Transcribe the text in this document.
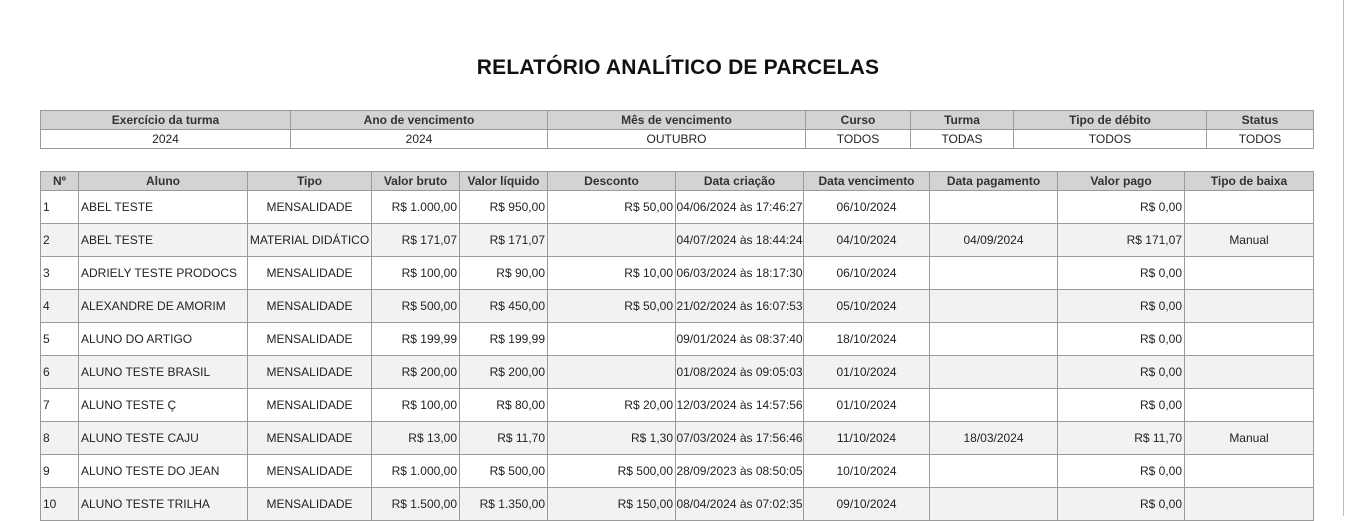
RELATÓRIO ANALÍTICO DE PARCELAS
Exercício da turma	Ano de vencimento	Mês de vencimento	Curso	Turma	Tipo de débito	Status
2024	2024	OUTUBRO	TODOS	TODAS	TODOS	TODOS
Nº	Aluno	Tipo	Valor bruto	Valor líquido	Desconto	Data criação	Data vencimento	Data pagamento	Valor pago	Tipo de baixa
1	ABEL TESTE	MENSALIDADE	R$ 1.000,00	R$ 950,00	R$ 50,00	04/06/2024 às 17:46:27	06/10/2024		R$ 0,00	
2	ABEL TESTE	MATERIAL DIDÁTICO	R$ 171,07	R$ 171,07		04/07/2024 às 18:44:24	04/10/2024	04/09/2024	R$ 171,07	Manual
3	ADRIELY TESTE PRODOCS	MENSALIDADE	R$ 100,00	R$ 90,00	R$ 10,00	06/03/2024 às 18:17:30	06/10/2024		R$ 0,00	
4	ALEXANDRE DE AMORIM	MENSALIDADE	R$ 500,00	R$ 450,00	R$ 50,00	21/02/2024 às 16:07:53	05/10/2024		R$ 0,00	
5	ALUNO DO ARTIGO	MENSALIDADE	R$ 199,99	R$ 199,99		09/01/2024 às 08:37:40	18/10/2024		R$ 0,00	
6	ALUNO TESTE BRASIL	MENSALIDADE	R$ 200,00	R$ 200,00		01/08/2024 às 09:05:03	01/10/2024		R$ 0,00	
7	ALUNO TESTE Ç	MENSALIDADE	R$ 100,00	R$ 80,00	R$ 20,00	12/03/2024 às 14:57:56	01/10/2024		R$ 0,00	
8	ALUNO TESTE CAJU	MENSALIDADE	R$ 13,00	R$ 11,70	R$ 1,30	07/03/2024 às 17:56:46	11/10/2024	18/03/2024	R$ 11,70	Manual
9	ALUNO TESTE DO JEAN	MENSALIDADE	R$ 1.000,00	R$ 500,00	R$ 500,00	28/09/2023 às 08:50:05	10/10/2024		R$ 0,00	
10	ALUNO TESTE TRILHA	MENSALIDADE	R$ 1.500,00	R$ 1.350,00	R$ 150,00	08/04/2024 às 07:02:35	09/10/2024		R$ 0,00	
